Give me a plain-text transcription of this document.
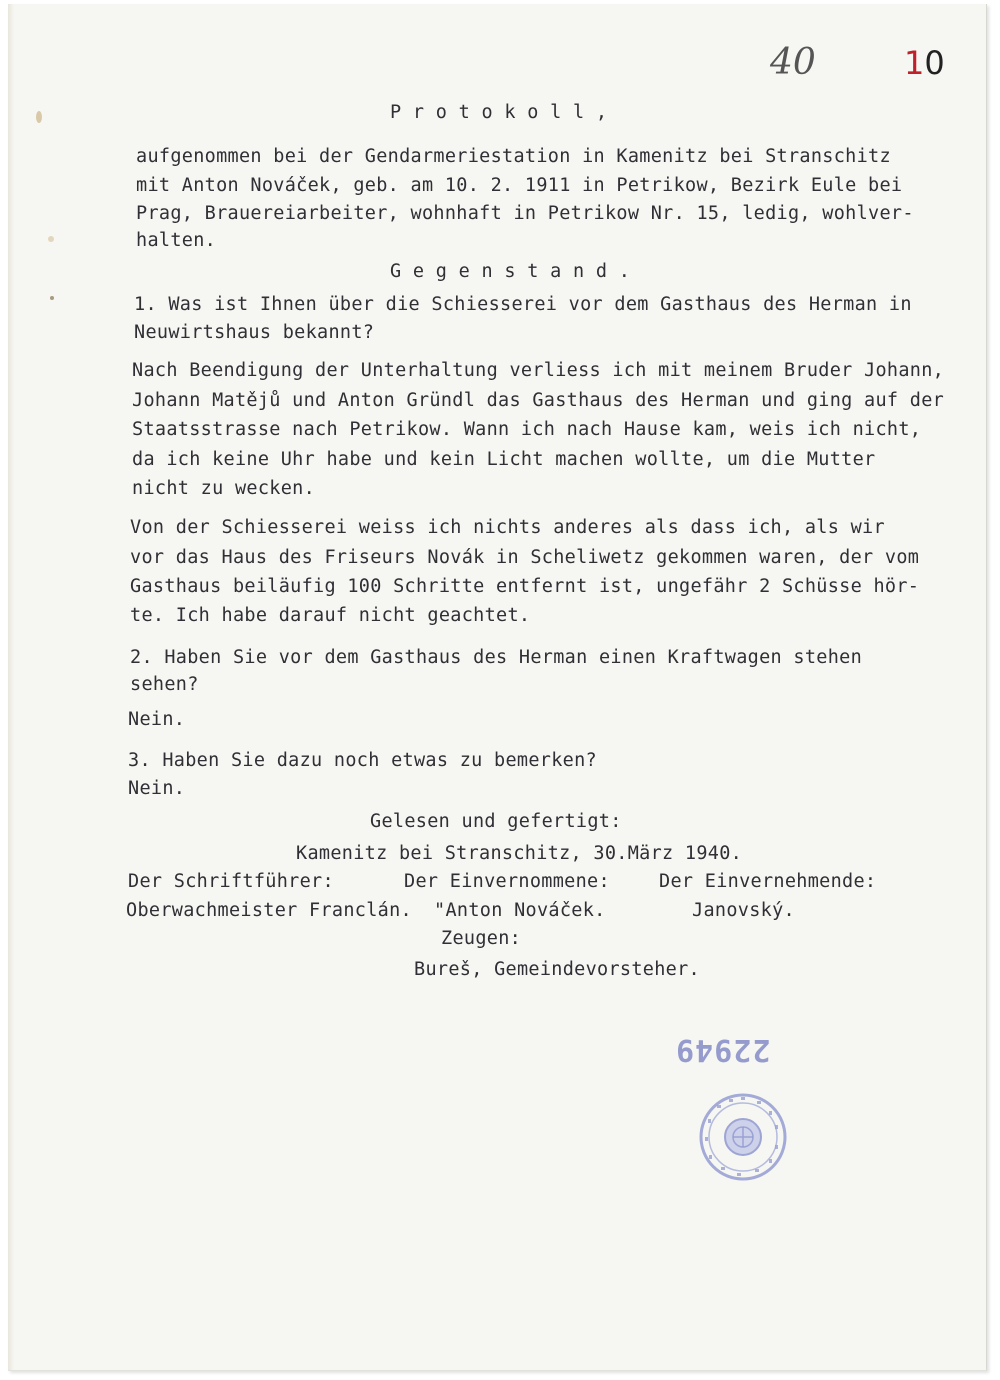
40	10
P r o t o k o l l ,
aufgenommen bei der Gendarmeriestation in Kamenitz bei Stranschitz
mit Anton Nováček, geb. am 10. 2. 1911 in Petrikow, Bezirk Eule bei
Prag, Brauereiarbeiter, wohnhaft in Petrikow Nr. 15, ledig, wohlver-
halten.
G e g e n s t a n d .
1. Was ist Ihnen über die Schiesserei vor dem Gasthaus des Herman in
Neuwirtshaus bekannt?
Nach Beendigung der Unterhaltung verliess ich mit meinem Bruder Johann,
Johann Matějů und Anton Gründl das Gasthaus des Herman und ging auf der
Staatsstrasse nach Petrikow. Wann ich nach Hause kam, weis ich nicht,
da ich keine Uhr habe und kein Licht machen wollte, um die Mutter
nicht zu wecken.
Von der Schiesserei weiss ich nichts anderes als dass ich, als wir
vor das Haus des Friseurs Novák in Scheliwetz gekommen waren, der vom
Gasthaus beiläufig 100 Schritte entfernt ist, ungefähr 2 Schüsse hör-
te. Ich habe darauf nicht geachtet.
2. Haben Sie vor dem Gasthaus des Herman einen Kraftwagen stehen
sehen?
Nein.
3. Haben Sie dazu noch etwas zu bemerken?
Nein.
Gelesen und gefertigt:
Kamenitz bei Stranschitz, 30.März 1940.
Der Schriftführer:	Der Einvernommene:	Der Einvernehmende:
Oberwachmeister Franclán. "Anton Nováček.	Janovský.
Zeugen:
Bureš, Gemeindevorsteher.
22949
